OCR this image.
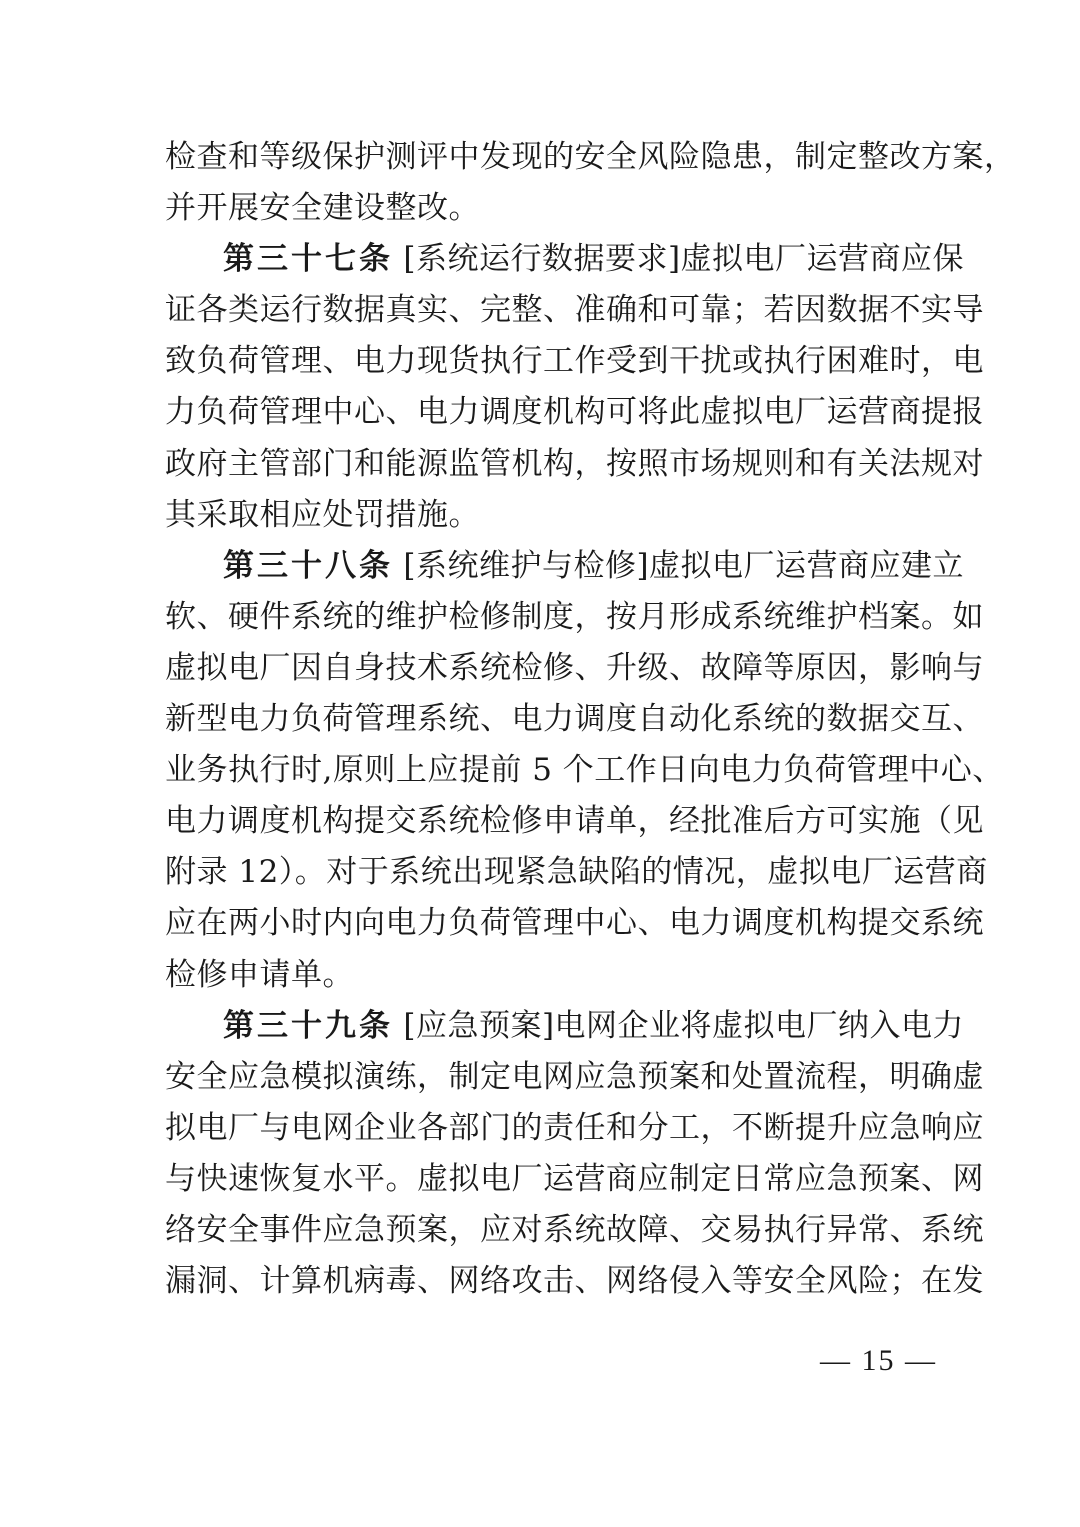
检查和等级保护测评中发现的安全风险隐患，制定整改方案，
并开展安全建设整改。
第三十七条 [系统运行数据要求]虚拟电厂运营商应保
证各类运行数据真实、完整、准确和可靠；若因数据不实导
致负荷管理、电力现货执行工作受到干扰或执行困难时，电
力负荷管理中心、电力调度机构可将此虚拟电厂运营商提报
政府主管部门和能源监管机构，按照市场规则和有关法规对
其采取相应处罚措施。
第三十八条 [系统维护与检修]虚拟电厂运营商应建立
软、硬件系统的维护检修制度，按月形成系统维护档案。如
虚拟电厂因自身技术系统检修、升级、故障等原因，影响与
新型电力负荷管理系统、电力调度自动化系统的数据交互、
业务执行时,原则上应提前 5 个工作日向电力负荷管理中心、
电力调度机构提交系统检修申请单，经批准后方可实施（见
附录 12）。对于系统出现紧急缺陷的情况，虚拟电厂运营商
应在两小时内向电力负荷管理中心、电力调度机构提交系统
检修申请单。
第三十九条 [应急预案]电网企业将虚拟电厂纳入电力
安全应急模拟演练，制定电网应急预案和处置流程，明确虚
拟电厂与电网企业各部门的责任和分工，不断提升应急响应
与快速恢复水平。虚拟电厂运营商应制定日常应急预案、网
络安全事件应急预案，应对系统故障、交易执行异常、系统
漏洞、计算机病毒、网络攻击、网络侵入等安全风险；在发
— 15 —
